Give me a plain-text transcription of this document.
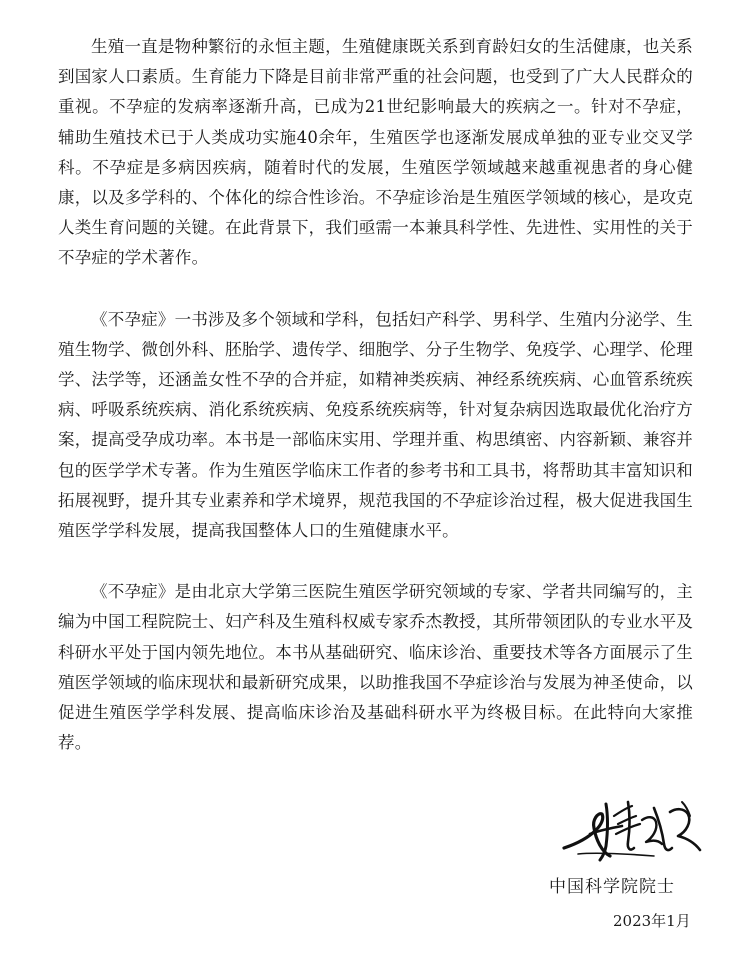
生殖一直是物种繁衍的永恒主题，生殖健康既关系到育龄妇女的生活健康，也关系到国家人口素质。生育能力下降是目前非常严重的社会问题，也受到了广大人民群众的重视。不孕症的发病率逐渐升高，已成为21世纪影响最大的疾病之一。针对不孕症，辅助生殖技术已于人类成功实施40余年，生殖医学也逐渐发展成单独的亚专业交叉学科。不孕症是多病因疾病，随着时代的发展，生殖医学领域越来越重视患者的身心健康，以及多学科的、个体化的综合性诊治。不孕症诊治是生殖医学领域的核心，是攻克人类生育问题的关键。在此背景下，我们亟需一本兼具科学性、先进性、实用性的关于不孕症的学术著作。

《不孕症》一书涉及多个领域和学科，包括妇产科学、男科学、生殖内分泌学、生殖生物学、微创外科、胚胎学、遗传学、细胞学、分子生物学、免疫学、心理学、伦理学、法学等，还涵盖女性不孕的合并症，如精神类疾病、神经系统疾病、心血管系统疾病、呼吸系统疾病、消化系统疾病、免疫系统疾病等，针对复杂病因选取最优化治疗方案，提高受孕成功率。本书是一部临床实用、学理并重、构思缜密、内容新颖、兼容并包的医学学术专著。作为生殖医学临床工作者的参考书和工具书，将帮助其丰富知识和拓展视野，提升其专业素养和学术境界，规范我国的不孕症诊治过程，极大促进我国生殖医学学科发展，提高我国整体人口的生殖健康水平。

《不孕症》是由北京大学第三医院生殖医学研究领域的专家、学者共同编写的，主编为中国工程院院士、妇产科及生殖科权威专家乔杰教授，其所带领团队的专业水平及科研水平处于国内领先地位。本书从基础研究、临床诊治、重要技术等各方面展示了生殖医学领域的临床现状和最新研究成果，以助推我国不孕症诊治与发展为神圣使命，以促进生殖医学学科发展、提高临床诊治及基础科研水平为终极目标。在此特向大家推荐。

中国科学院院士
2023年1月
